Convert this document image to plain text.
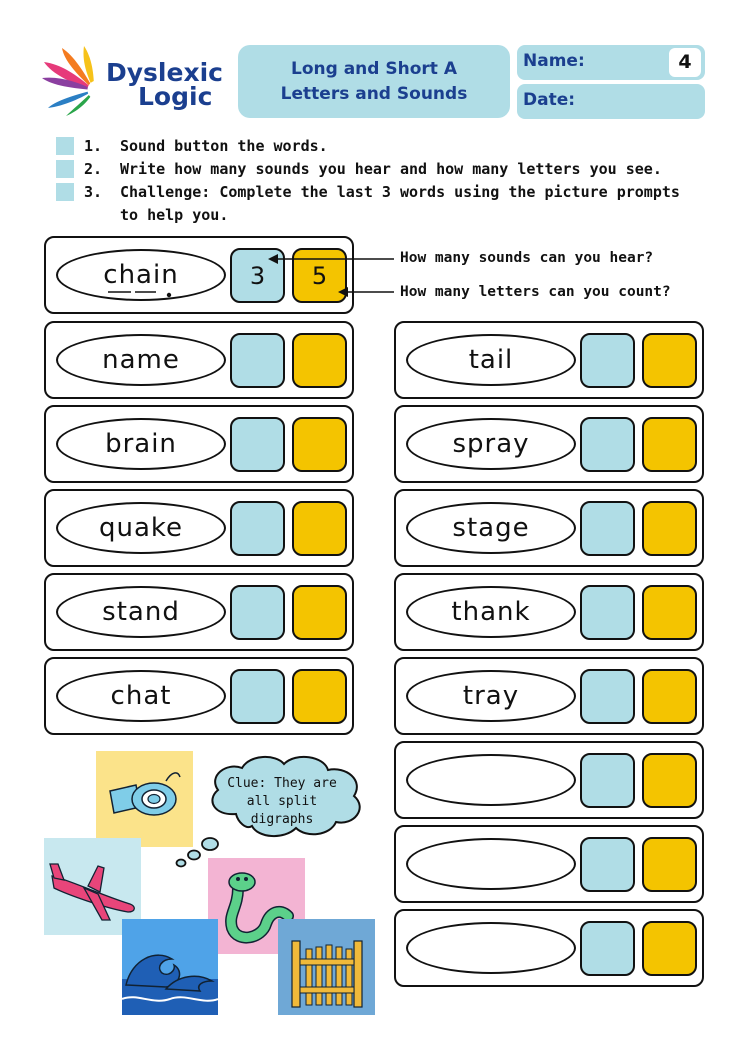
Dyslexic
Logic
Long and Short A
Letters and Sounds
Name:	4
Date:
1. Sound button the words.
2. Write how many sounds you hear and how many letters you see.
3. Challenge: Complete the last 3 words using the picture prompts to help you.
chain	3	5
How many sounds can you hear?
How many letters can you count?
name
brain
quake
stand
chat
tail
spray
stage
thank
tray
Clue: They are all split digraphs
